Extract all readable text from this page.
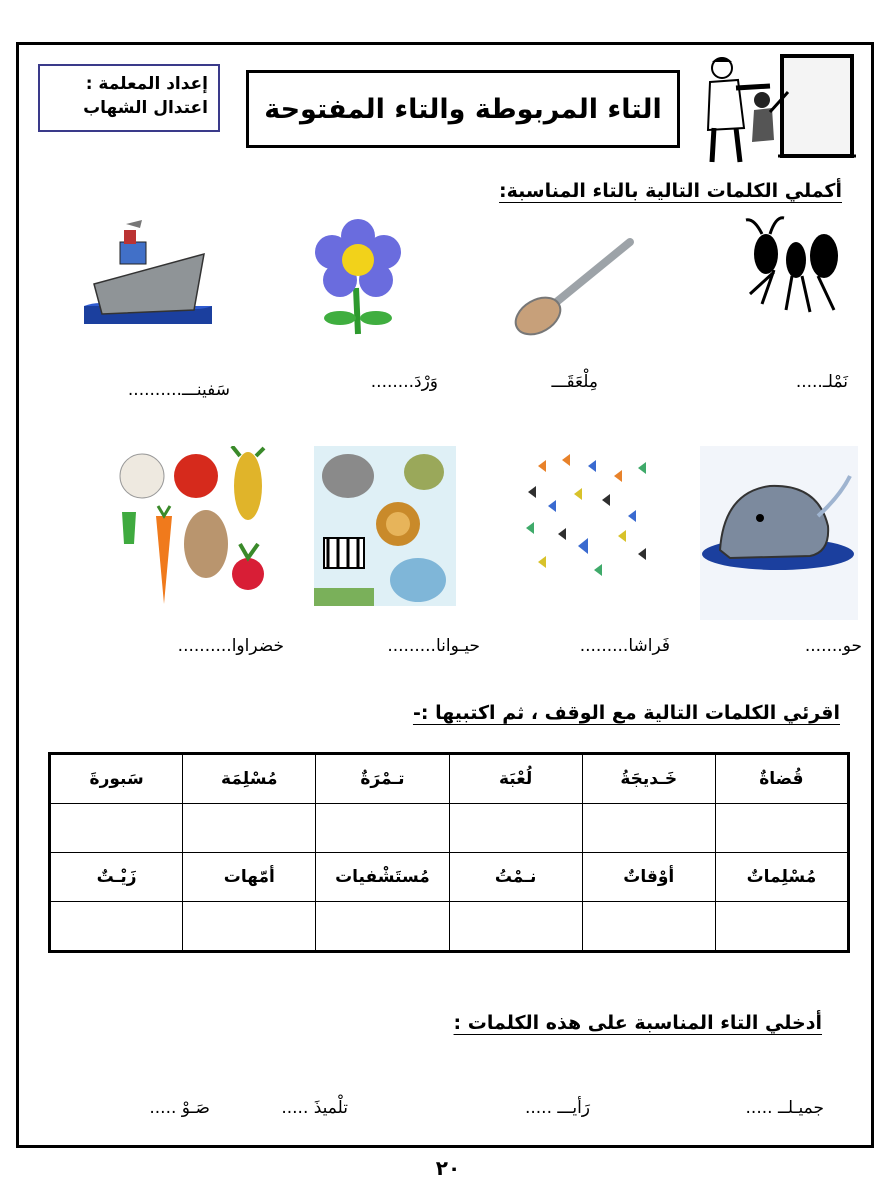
إعداد المعلمة :
اعتدال الشهاب التاء المربوطة والتاء المفتوحة
أكملي الكلمات التالية بالتاء المناسبة:
نَمْلـ.....
مِلْعَقَـــ
وَرْدَ........
سَفينـــ..........
حو.......
فَراشا.........
حيـوانا.........
خضراوا..........
اقرئي الكلمات التالية مع الوقف ، ثم اكتبيها :-
قُضاةٌ	خَـديجَةُ	لُعْبَة	تـمْرَةٌ	مُسْلِمَة	سَبورةَ

مُسْلِماتٌ	أوْقاتٌ	نـمْتُ	مُستَشْفيات	أمّهات	زَيْـتٌ

أدخلي التاء المناسبة على هذه الكلمات :
جميـلــ .....
رَأيـــ .....
تلْميذَ .....
صَـوْ .....
٢٠
